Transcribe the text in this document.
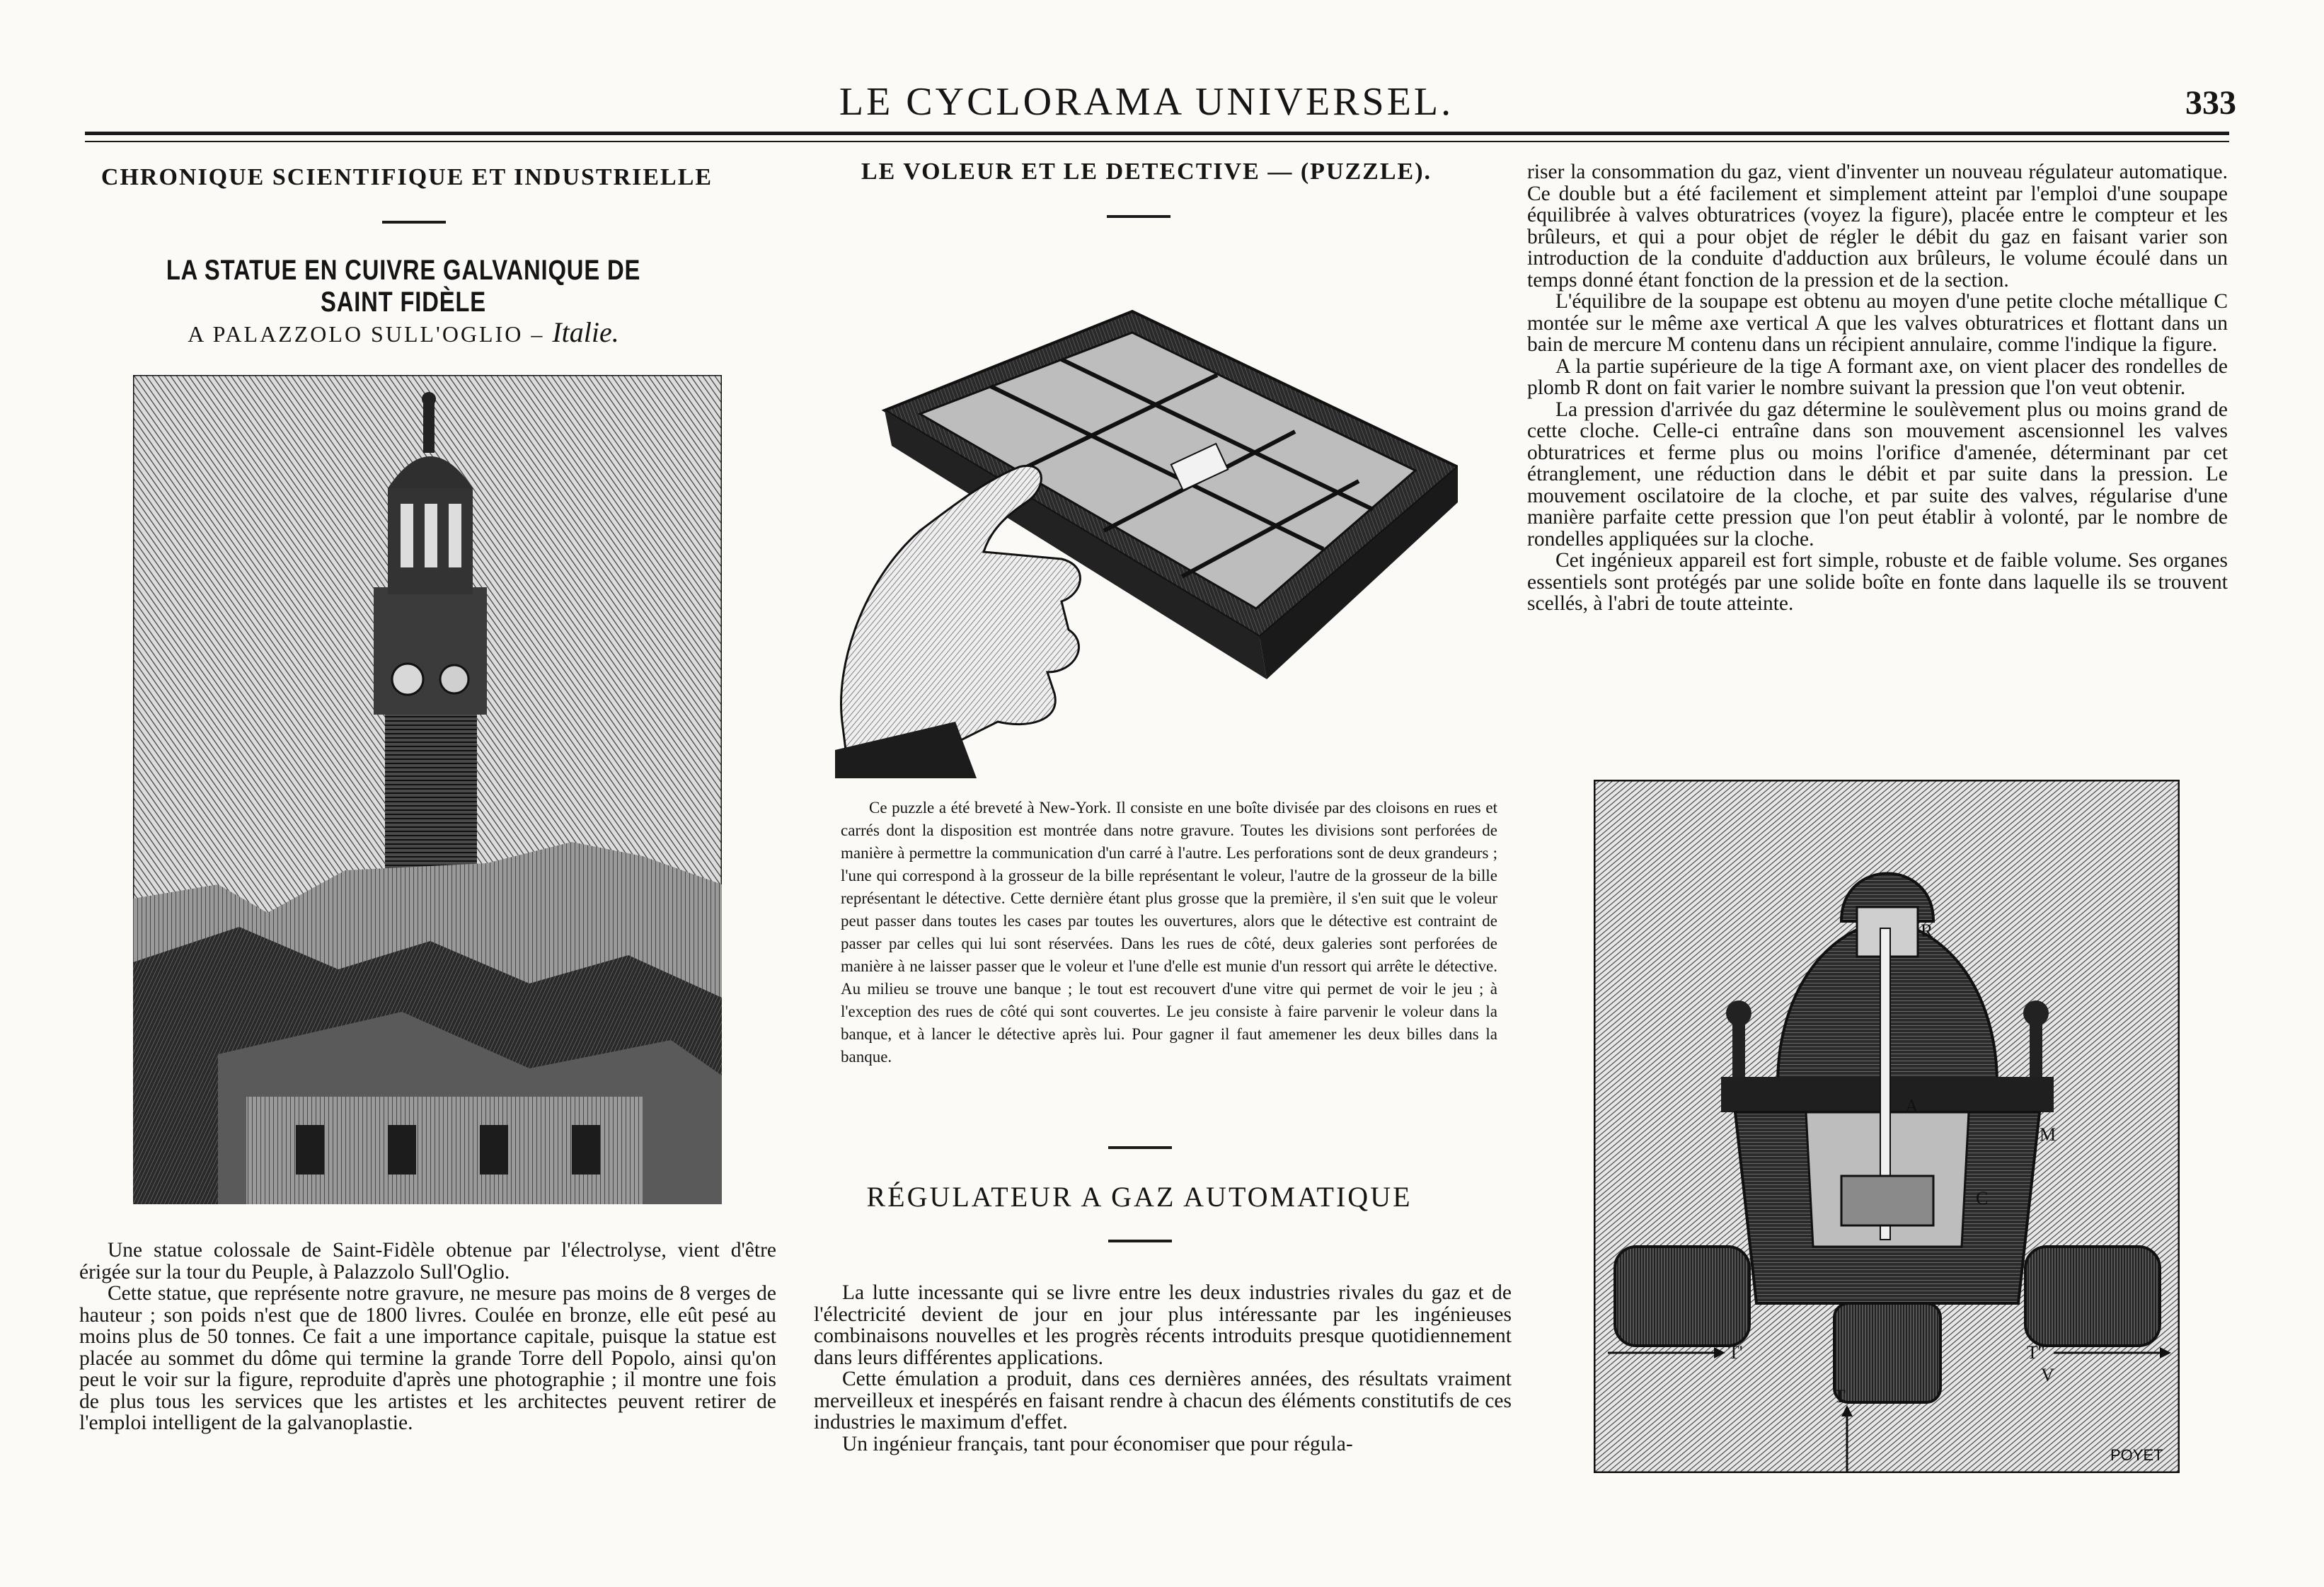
LE CYCLORAMA UNIVERSEL.	333
CHRONIQUE SCIENTIFIQUE ET INDUSTRIELLE
LA STATUE EN CUIVRE GALVANIQUE DE SAINT FIDÈLE
A PALAZZOLO SULL'OGLIO – Italie.

Une statue colossale de Saint-Fidèle obtenue par l'électrolyse, vient d'être érigée sur la tour du Peuple, à Palazzolo Sull'Oglio.

Cette statue, que représente notre gravure, ne mesure pas moins de 8 verges de hauteur ; son poids n'est que de 1800 livres. Coulée en bronze, elle eût pesé au moins plus de 50 tonnes. Ce fait a une importance capitale, puisque la statue est placée au sommet du dôme qui termine la grande Torre dell Popolo, ainsi qu'on peut le voir sur la figure, reproduite d'après une photographie ; il montre une fois de plus tous les services que les artistes et les architectes peuvent retirer de l'emploi intelligent de la galvanoplastie.

LE VOLEUR ET LE DETECTIVE — (PUZZLE).

Ce puzzle a été breveté à New-York. Il consiste en une boîte divisée par des cloisons en rues et carrés dont la disposition est montrée dans notre gravure. Toutes les divisions sont perforées de manière à permettre la communication d'un carré à l'autre. Les perforations sont de deux grandeurs ; l'une qui correspond à la grosseur de la bille représentant le voleur, l'autre de la grosseur de la bille représentant le détective. Cette dernière étant plus grosse que la première, il s'en suit que le voleur peut passer dans toutes les cases par toutes les ouvertures, alors que le détective est contraint de passer par celles qui lui sont réservées. Dans les rues de côté, deux galeries sont perforées de manière à ne laisser passer que le voleur et l'une d'elle est munie d'un ressort qui arrête le détective. Au milieu se trouve une banque ; le tout est recouvert d'une vitre qui permet de voir le jeu ; à l'exception des rues de côté qui sont couvertes. Le jeu consiste à faire parvenir le voleur dans la banque, et à lancer le détective après lui. Pour gagner il faut amemener les deux billes dans la banque.

RÉGULATEUR A GAZ AUTOMATIQUE

La lutte incessante qui se livre entre les deux industries rivales du gaz et de l'électricité devient de jour en jour plus intéressante par les ingénieuses combinaisons nouvelles et les progrès récents introduits presque quotidiennement dans leurs différentes applications.

Cette émulation a produit, dans ces dernières années, des résultats vraiment merveilleux et inespérés en faisant rendre à chacun des éléments constitutifs de ces industries le maximum d'effet.

Un ingénieur français, tant pour économiser que pour régula-

riser la consommation du gaz, vient d'inventer un nouveau régulateur automatique. Ce double but a été facilement et simplement atteint par l'emploi d'une soupape équilibrée à valves obturatrices (voyez la figure), placée entre le compteur et les brûleurs, et qui a pour objet de régler le débit du gaz en faisant varier son introduction de la conduite d'adduction aux brûleurs, le volume écoulé dans un temps donné étant fonction de la pression et de la section.

L'équilibre de la soupape est obtenu au moyen d'une petite cloche métallique C montée sur le même axe vertical A que les valves obturatrices et flottant dans un bain de mercure M contenu dans un récipient annulaire, comme l'indique la figure.

A la partie supérieure de la tige A formant axe, on vient placer des rondelles de plomb R dont on fait varier le nombre suivant la pression que l'on veut obtenir.

La pression d'arrivée du gaz détermine le soulèvement plus ou moins grand de cette cloche. Celle-ci entraîne dans son mouvement ascensionnel les valves obturatrices et ferme plus ou moins l'orifice d'amenée, déterminant par cet étranglement, une réduction dans le débit et par suite dans la pression. Le mouvement oscilatoire de la cloche, et par suite des valves, régularise d'une manière parfaite cette pression que l'on peut établir à volonté, par le nombre de rondelles appliquées sur la cloche.

Cet ingénieux appareil est fort simple, robuste et de faible volume. Ses organes essentiels sont protégés par une solide boîte en fonte dans laquelle ils se trouvent scellés, à l'abri de toute atteinte.

R
A
C
M
T'	T''
T
V
POYET
